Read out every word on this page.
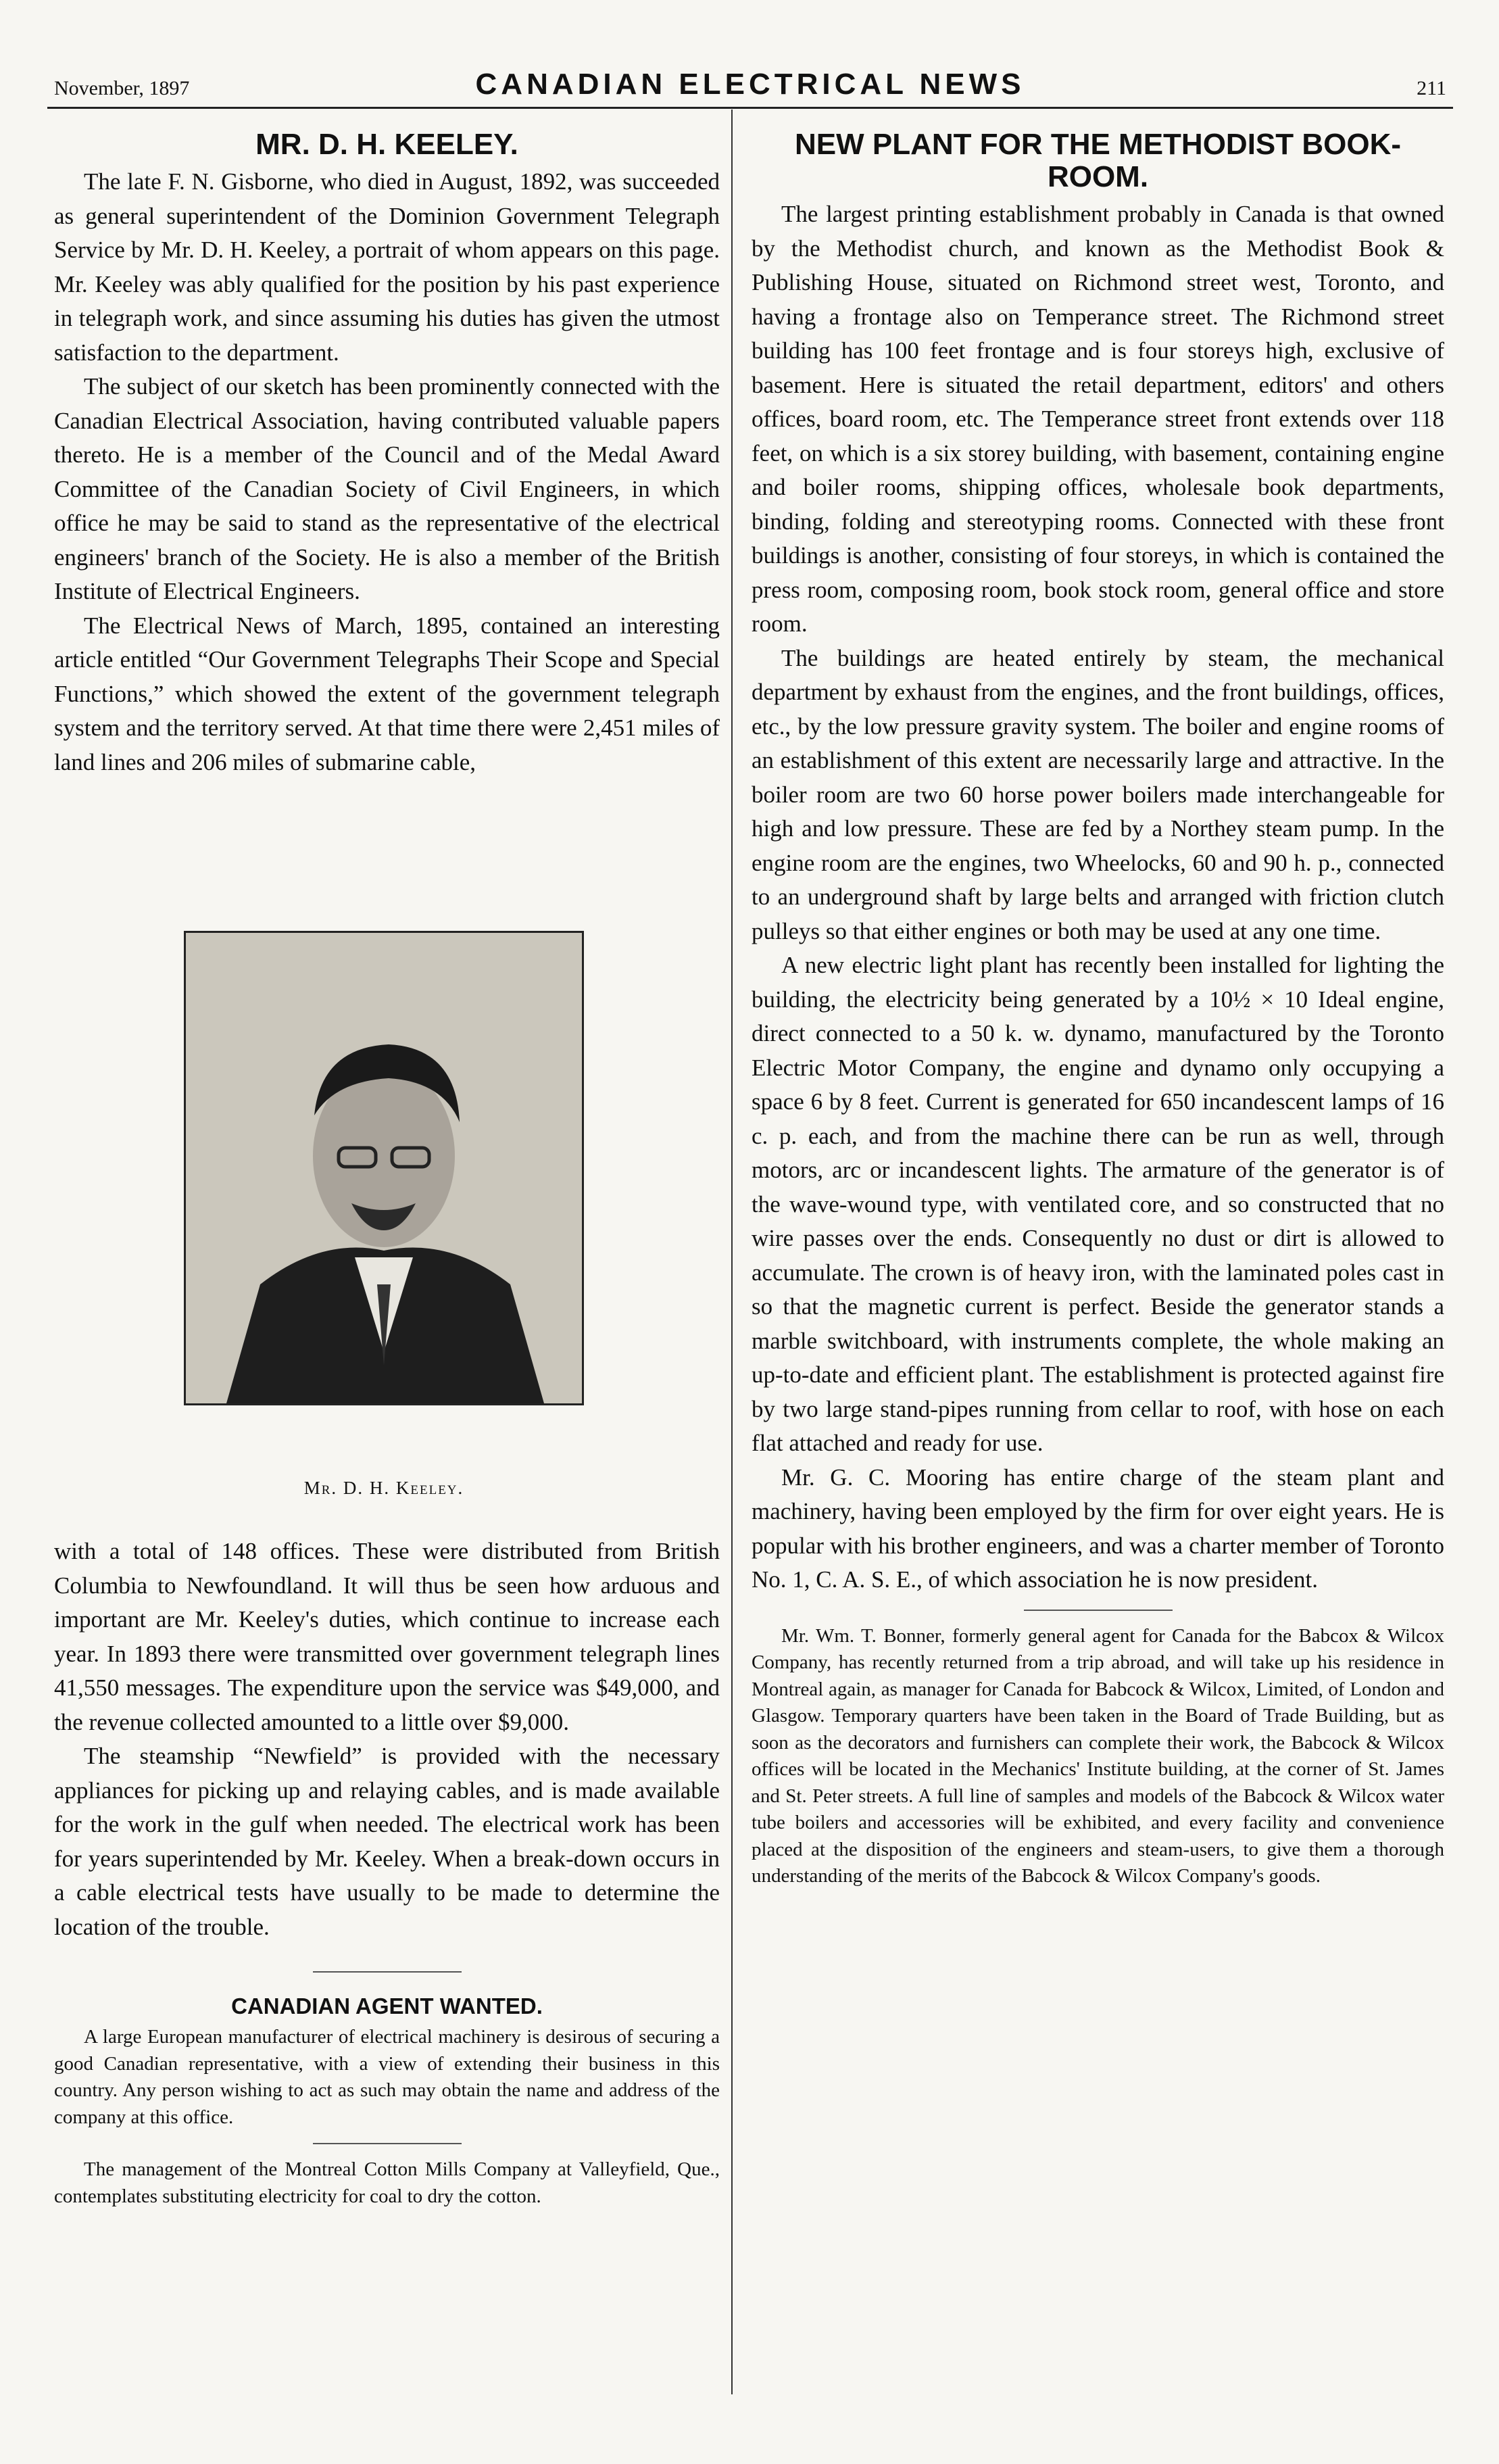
November, 1897	CANADIAN ELECTRICAL NEWS	211
MR. D. H. KEELEY.

The late F. N. Gisborne, who died in August, 1892, was succeeded as general superintendent of the Dominion Government Telegraph Service by Mr. D. H. Keeley, a portrait of whom appears on this page. Mr. Keeley was ably qualified for the position by his past experience in telegraph work, and since assuming his duties has given the utmost satisfaction to the department.

The subject of our sketch has been prominently connected with the Canadian Electrical Association, having contributed valuable papers thereto. He is a member of the Council and of the Medal Award Committee of the Canadian Society of Civil Engineers, in which office he may be said to stand as the representative of the electrical engineers' branch of the Society. He is also a member of the British Institute of Electrical Engineers.

The Electrical News of March, 1895, contained an interesting article entitled “Our Government Telegraphs Their Scope and Special Functions,” which showed the extent of the government telegraph system and the territory served. At that time there were 2,451 miles of land lines and 206 miles of submarine cable,

Mr. D. H. Keeley.

with a total of 148 offices. These were distributed from British Columbia to Newfoundland. It will thus be seen how arduous and important are Mr. Keeley's duties, which continue to increase each year. In 1893 there were transmitted over government telegraph lines 41,550 messages. The expenditure upon the service was $49,000, and the revenue collected amounted to a little over $9,000.

The steamship “Newfield” is provided with the necessary appliances for picking up and relaying cables, and is made available for the work in the gulf when needed. The electrical work has been for years superintended by Mr. Keeley. When a break-down occurs in a cable electrical tests have usually to be made to determine the location of the trouble.

CANADIAN AGENT WANTED.

A large European manufacturer of electrical machinery is desirous of securing a good Canadian representative, with a view of extending their business in this country. Any person wishing to act as such may obtain the name and address of the company at this office.

The management of the Montreal Cotton Mills Company at Valleyfield, Que., contemplates substituting electricity for coal to dry the cotton.

NEW PLANT FOR THE METHODIST BOOK-ROOM.

The largest printing establishment probably in Canada is that owned by the Methodist church, and known as the Methodist Book & Publishing House, situated on Richmond street west, Toronto, and having a frontage also on Temperance street. The Richmond street building has 100 feet frontage and is four storeys high, exclusive of basement. Here is situated the retail department, editors' and others offices, board room, etc. The Temperance street front extends over 118 feet, on which is a six storey building, with basement, containing engine and boiler rooms, shipping offices, wholesale book departments, binding, folding and stereotyping rooms. Connected with these front buildings is another, consisting of four storeys, in which is contained the press room, composing room, book stock room, general office and store room.

The buildings are heated entirely by steam, the mechanical department by exhaust from the engines, and the front buildings, offices, etc., by the low pressure gravity system. The boiler and engine rooms of an establishment of this extent are necessarily large and attractive. In the boiler room are two 60 horse power boilers made interchangeable for high and low pressure. These are fed by a Northey steam pump. In the engine room are the engines, two Wheelocks, 60 and 90 h. p., connected to an underground shaft by large belts and arranged with friction clutch pulleys so that either engines or both may be used at any one time.

A new electric light plant has recently been installed for lighting the building, the electricity being generated by a 10½ × 10 Ideal engine, direct connected to a 50 k. w. dynamo, manufactured by the Toronto Electric Motor Company, the engine and dynamo only occupying a space 6 by 8 feet. Current is generated for 650 incandescent lamps of 16 c. p. each, and from the machine there can be run as well, through motors, arc or incandescent lights. The armature of the generator is of the wave-wound type, with ventilated core, and so constructed that no wire passes over the ends. Consequently no dust or dirt is allowed to accumulate. The crown is of heavy iron, with the laminated poles cast in so that the magnetic current is perfect. Beside the generator stands a marble switchboard, with instruments complete, the whole making an up-to-date and efficient plant. The establishment is protected against fire by two large stand-pipes running from cellar to roof, with hose on each flat attached and ready for use.

Mr. G. C. Mooring has entire charge of the steam plant and machinery, having been employed by the firm for over eight years. He is popular with his brother engineers, and was a charter member of Toronto No. 1, C. A. S. E., of which association he is now president.

Mr. Wm. T. Bonner, formerly general agent for Canada for the Babcox & Wilcox Company, has recently returned from a trip abroad, and will take up his residence in Montreal again, as manager for Canada for Babcock & Wilcox, Limited, of London and Glasgow. Temporary quarters have been taken in the Board of Trade Building, but as soon as the decorators and furnishers can complete their work, the Babcock & Wilcox offices will be located in the Mechanics' Institute building, at the corner of St. James and St. Peter streets. A full line of samples and models of the Babcock & Wilcox water tube boilers and accessories will be exhibited, and every facility and convenience placed at the disposition of the engineers and steam-users, to give them a thorough understanding of the merits of the Babcock & Wilcox Company's goods.
